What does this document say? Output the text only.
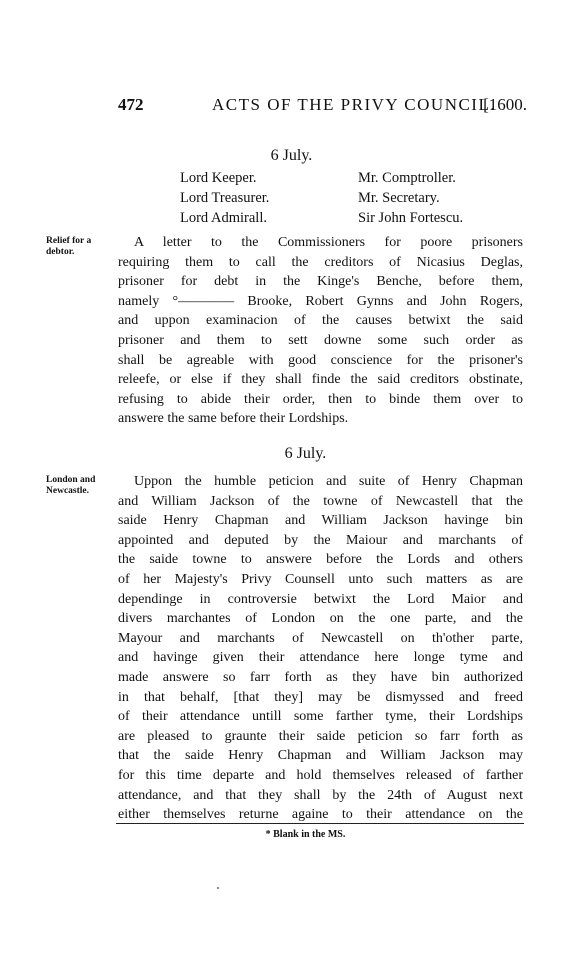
472	ACTS OF THE PRIVY COUNCIL.
[1600.
6 July.
Lord Keeper.	Mr. Comptroller.
Lord Treasurer.	Mr. Secretary.
Lord Admirall.	Sir John Fortescu.
Relief for a
debtor.
A letter to the Commissioners for poore prisoners
requiring them to call the creditors of Nicasius Deglas,
prisoner for debt in the Kinge's Benche, before them,
namely °———— Brooke, Robert Gynns and John Rogers,
and uppon examinacion of the causes betwixt the said
prisoner and them to sett downe some such order as
shall be agreable with good conscience for the prisoner's
releefe, or else if they shall finde the said creditors obstinate,
refusing to abide their order, then to binde them over to
answere the same before their Lordships.
6 July.
London and
Newcastle.
Uppon the humble peticion and suite of Henry Chapman
and William Jackson of the towne of Newcastell that the
saide Henry Chapman and William Jackson havinge bin
appointed and deputed by the Maiour and marchants of
the saide towne to answere before the Lords and others
of her Majesty's Privy Counsell unto such matters as are
dependinge in controversie betwixt the Lord Maior and
divers marchantes of London on the one parte, and the
Mayour and marchants of Newcastell on th'other parte,
and havinge given their attendance here longe tyme and
made answere so farr forth as they have bin authorized
in that behalf, [that they] may be dismyssed and freed
of their attendance untill some farther tyme, their Lordships
are pleased to graunte their saide peticion so farr forth as
that the saide Henry Chapman and William Jackson may
for this time departe and hold themselves released of farther
attendance, and that they shall by the 24th of August next
either themselves returne againe to their attendance on the
* Blank in the MS.
